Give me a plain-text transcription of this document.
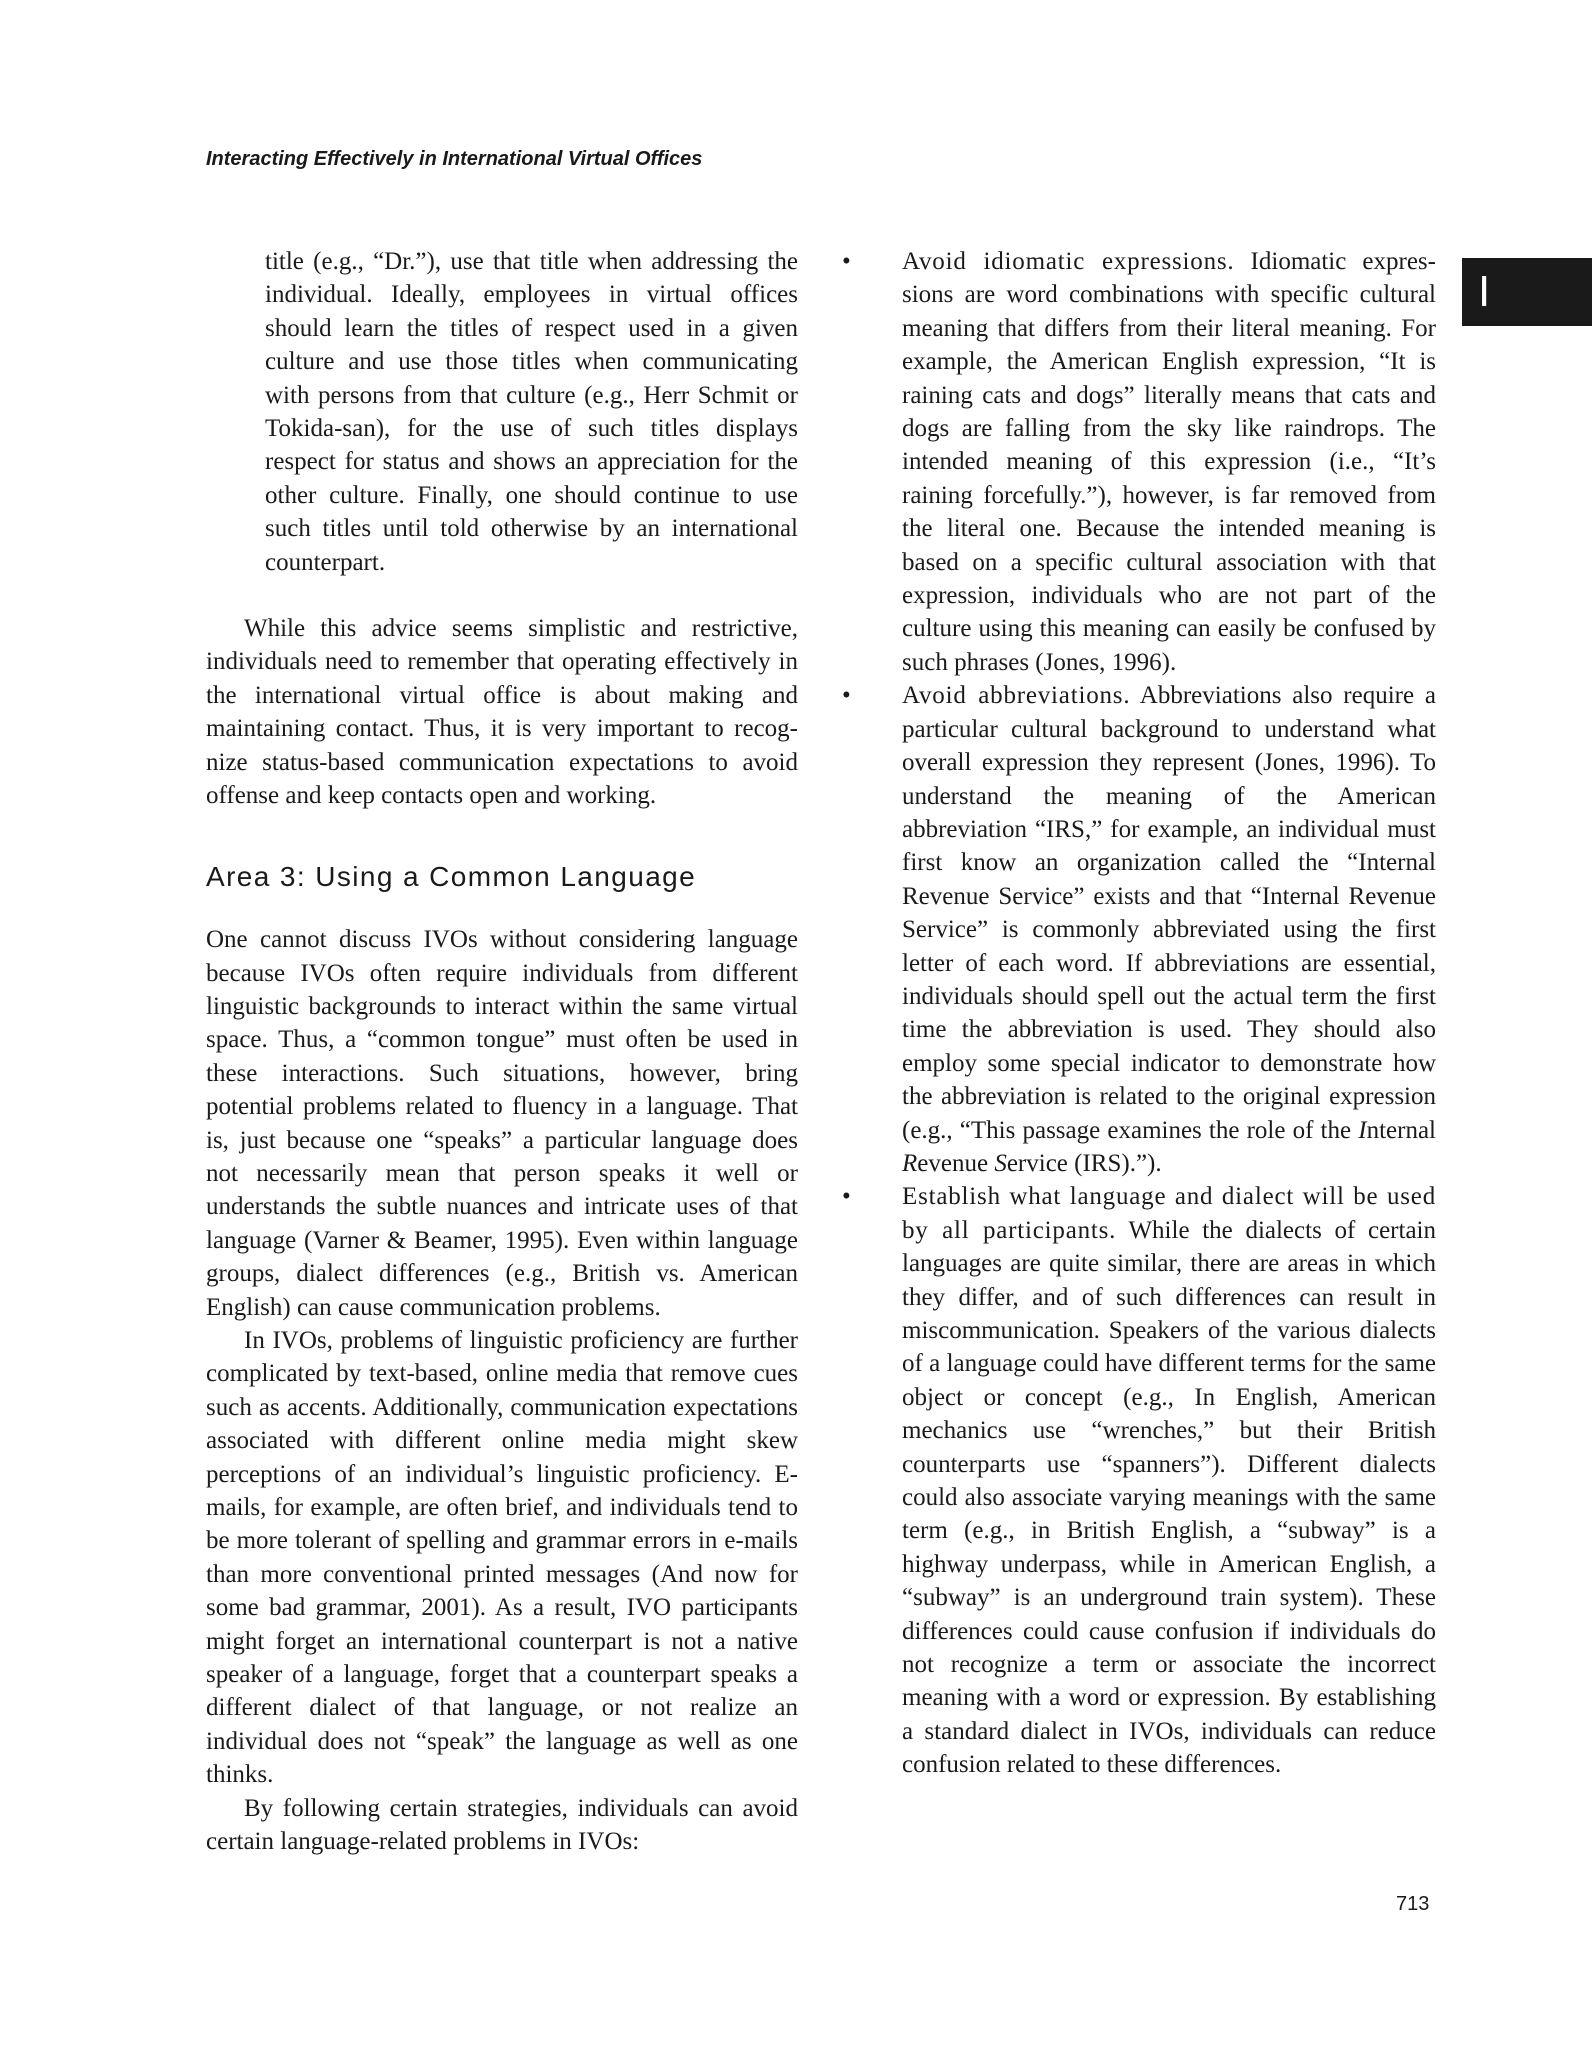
Interacting Effectively in International Virtual Offices

I

title (e.g., “Dr.”), use that title when addressing the individual. Ideally, employees in virtual offices should learn the titles of respect used in a given culture and use those titles when communicating with persons from that culture (e.g., Herr Schmit or Tokida-san), for the use of such titles displays respect for status and shows an appreciation for the other culture. Finally, one should continue to use such titles until told otherwise by an international counterpart.

While this advice seems simplistic and restrictive, individuals need to remember that operating effectively in the international virtual office is about making and maintaining contact. Thus, it is very important to recognize status-based communication expectations to avoid offense and keep contacts open and working.

Area 3: Using a Common Language

One cannot discuss IVOs without considering language because IVOs often require individuals from different linguistic backgrounds to interact within the same virtual space. Thus, a “common tongue” must often be used in these interactions. Such situations, however, bring potential problems related to fluency in a language. That is, just because one “speaks” a particular language does not necessarily mean that person speaks it well or understands the subtle nuances and intricate uses of that language (Varner & Beamer, 1995). Even within language groups, dialect differences (e.g., British vs. American English) can cause communication problems.

In IVOs, problems of linguistic proficiency are further complicated by text-based, online media that remove cues such as accents. Additionally, communication expectations associated with different online media might skew perceptions of an individual’s linguistic proficiency. E-mails, for example, are often brief, and individuals tend to be more tolerant of spelling and grammar errors in e-mails than more conventional printed messages (And now for some bad grammar, 2001). As a result, IVO participants might forget an international counterpart is not a native speaker of a language, forget that a counterpart speaks a different dialect of that language, or not realize an individual does not “speak” the language as well as one thinks.

By following certain strategies, individuals can avoid certain language-related problems in IVOs:

• Avoid idiomatic expressions. Idiomatic expressions are word combinations with specific cultural meaning that differs from their literal meaning. For example, the American English expression, “It is raining cats and dogs” literally means that cats and dogs are falling from the sky like raindrops. The intended meaning of this expression (i.e., “It’s raining forcefully.”), however, is far removed from the literal one. Because the intended meaning is based on a specific cultural association with that expression, individuals who are not part of the culture using this meaning can easily be confused by such phrases (Jones, 1996).
• Avoid abbreviations. Abbreviations also require a particular cultural background to understand what overall expression they represent (Jones, 1996). To understand the meaning of the American abbreviation “IRS,” for example, an individual must first know an organization called the “Internal Revenue Service” exists and that “Internal Revenue Service” is commonly abbreviated using the first letter of each word. If abbreviations are essential, individuals should spell out the actual term the first time the abbreviation is used. They should also employ some special indicator to demonstrate how the abbreviation is related to the original expression (e.g., “This passage examines the role of the Internal Revenue Service (IRS).”).
• Establish what language and dialect will be used by all participants. While the dialects of certain languages are quite similar, there are areas in which they differ, and of such differences can result in miscommunication. Speakers of the various dialects of a language could have different terms for the same object or concept (e.g., In English, American mechanics use “wrenches,” but their British counterparts use “spanners”). Different dialects could also associate varying meanings with the same term (e.g., in British English, a “subway” is a highway underpass, while in American English, a “subway” is an underground train system). These differences could cause confusion if individuals do not recognize a term or associate the incorrect meaning with a word or expression. By establishing a standard dialect in IVOs, individuals can reduce confusion related to these differences.

713
